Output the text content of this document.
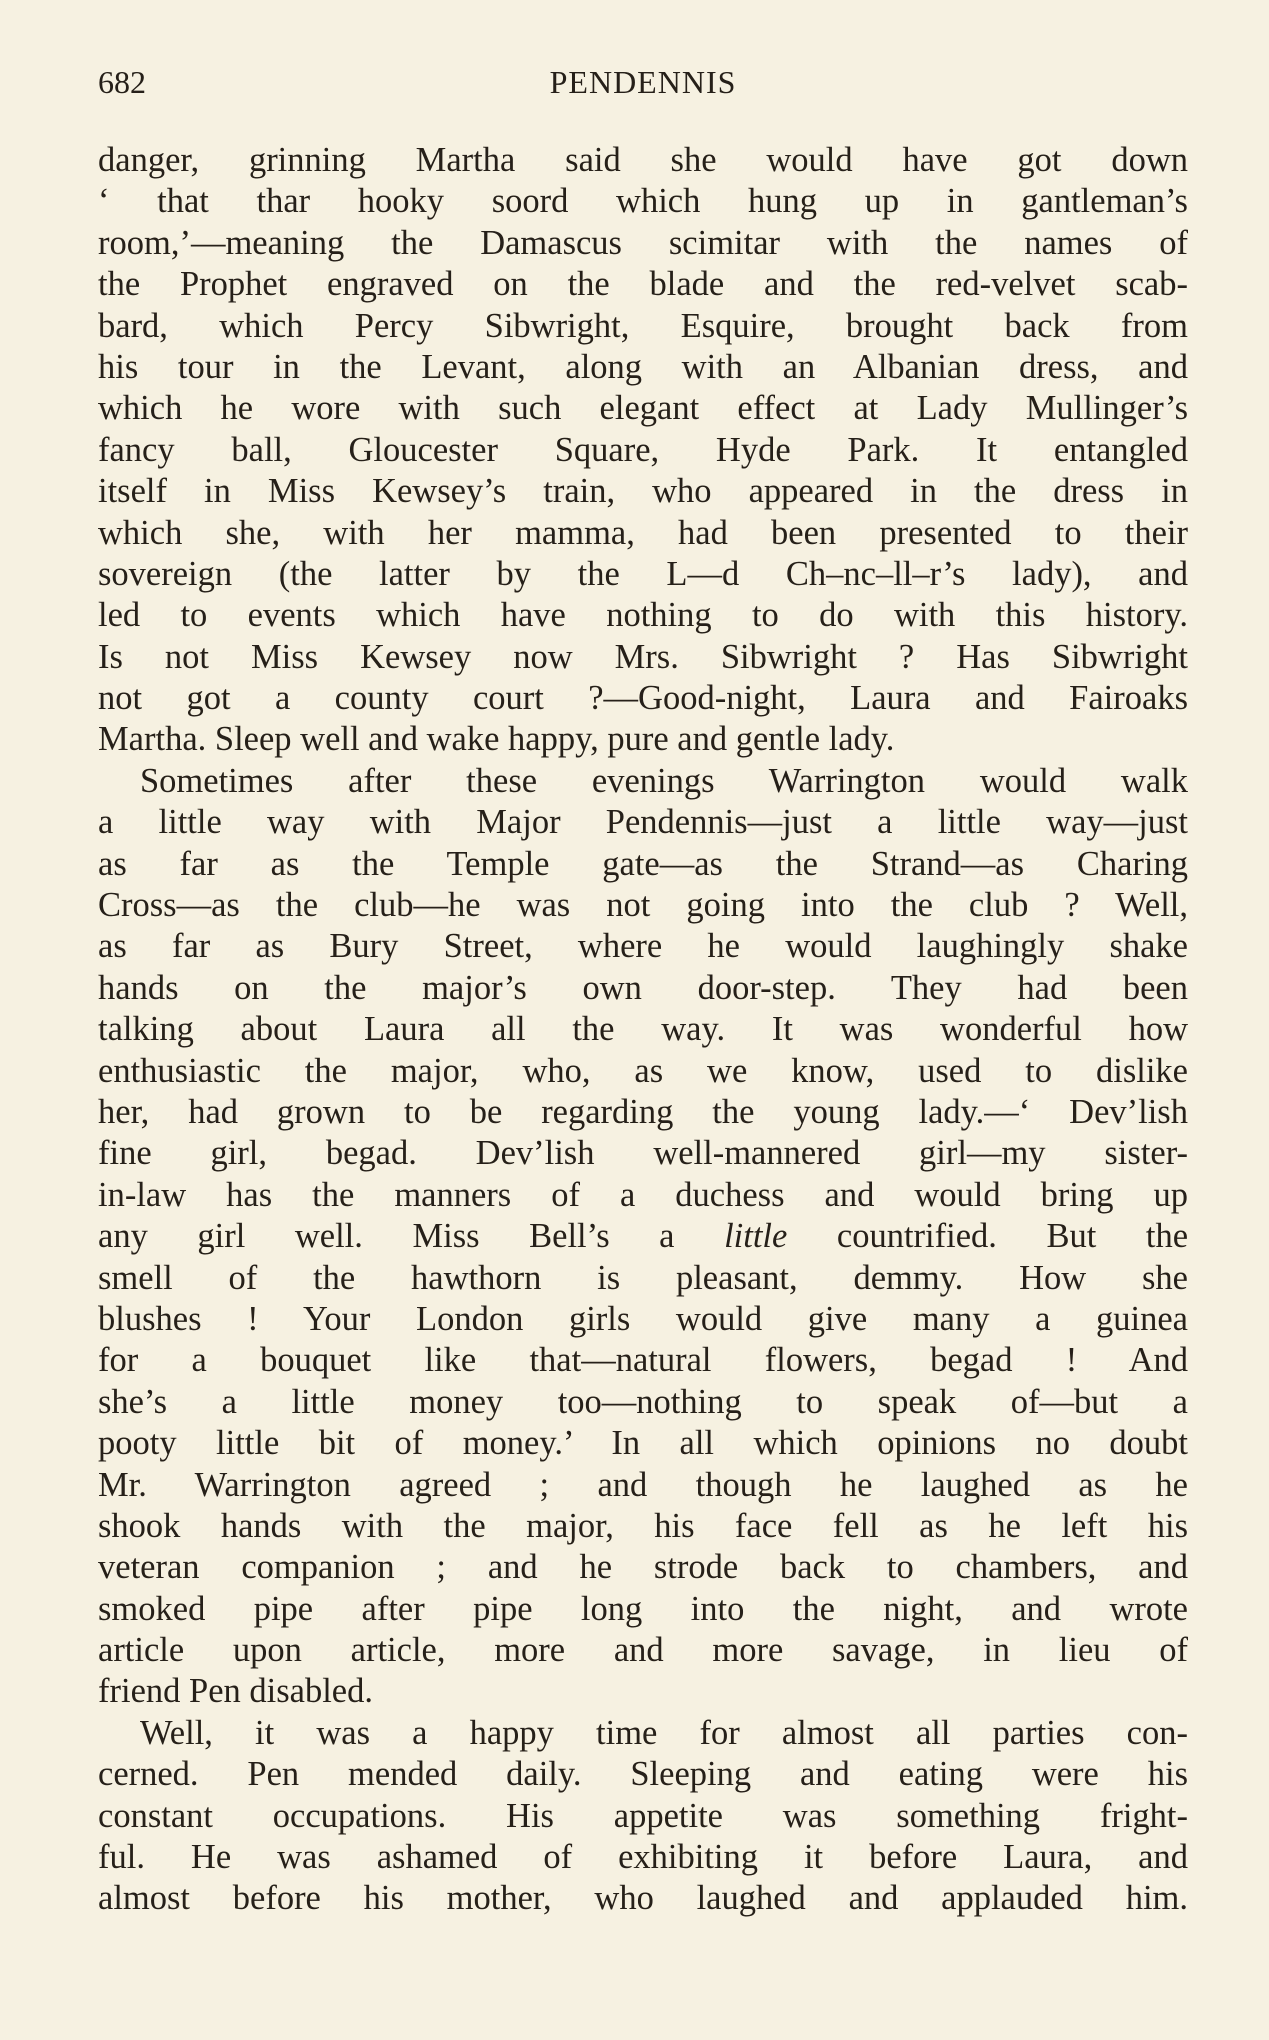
682	PENDENNIS
danger, grinning Martha said she would have got down
‘ that thar hooky soord which hung up in gantleman’s
room,’—meaning the Damascus scimitar with the names of
the Prophet engraved on the blade and the red-velvet scab-
bard, which Percy Sibwright, Esquire, brought back from
his tour in the Levant, along with an Albanian dress, and
which he wore with such elegant effect at Lady Mullinger’s
fancy ball, Gloucester Square, Hyde Park. It entangled
itself in Miss Kewsey’s train, who appeared in the dress in
which she, with her mamma, had been presented to their
sovereign (the latter by the L—d Ch–nc–ll–r’s lady), and
led to events which have nothing to do with this history.
Is not Miss Kewsey now Mrs. Sibwright ? Has Sibwright
not got a county court ?—Good-night, Laura and Fairoaks
Martha. Sleep well and wake happy, pure and gentle lady.
Sometimes after these evenings Warrington would walk
a little way with Major Pendennis—just a little way—just
as far as the Temple gate—as the Strand—as Charing
Cross—as the club—he was not going into the club ? Well,
as far as Bury Street, where he would laughingly shake
hands on the major’s own door-step. They had been
talking about Laura all the way. It was wonderful how
enthusiastic the major, who, as we know, used to dislike
her, had grown to be regarding the young lady.—‘ Dev’lish
fine girl, begad. Dev’lish well-mannered girl—my sister-
in-law has the manners of a duchess and would bring up
any girl well. Miss Bell’s a little countrified. But the
smell of the hawthorn is pleasant, demmy. How she
blushes ! Your London girls would give many a guinea
for a bouquet like that—natural flowers, begad ! And
she’s a little money too—nothing to speak of—but a
pooty little bit of money.’ In all which opinions no doubt
Mr. Warrington agreed ; and though he laughed as he
shook hands with the major, his face fell as he left his
veteran companion ; and he strode back to chambers, and
smoked pipe after pipe long into the night, and wrote
article upon article, more and more savage, in lieu of
friend Pen disabled.
Well, it was a happy time for almost all parties con-
cerned. Pen mended daily. Sleeping and eating were his
constant occupations. His appetite was something fright-
ful. He was ashamed of exhibiting it before Laura, and
almost before his mother, who laughed and applauded him.
